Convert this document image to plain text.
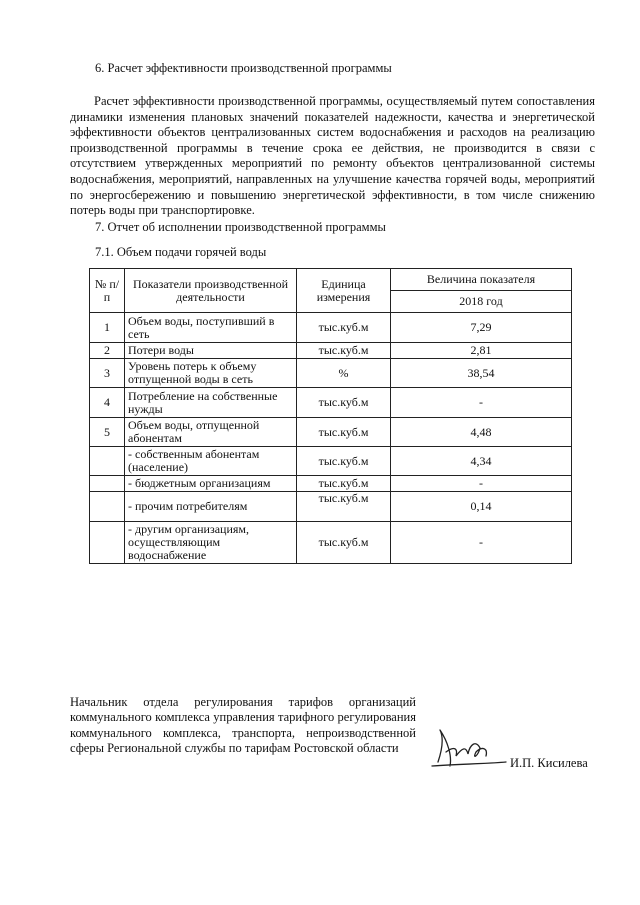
6. Расчет эффективности производственной программы

Расчет эффективности производственной программы, осуществляемый путем сопоставления динамики изменения плановых значений показателей надежности, качества и энергетической эффективности объектов централизованных систем водоснабжения и расходов на реализацию производственной программы в течение срока ее действия, не производится в связи с отсутствием утвержденных мероприятий по ремонту объектов централизованной системы водоснабжения, мероприятий, направленных на улучшение качества горячей воды, мероприятий по энергосбережению и повышению энергетической эффективности, в том числе снижению потерь воды при транспортировке.

7. Отчет об исполнении производственной программы
7.1. Объем подачи горячей воды
№ п/п	Показатели производственной деятельности	Единица измерения	Величина показателя
			2018 год
1	Объем воды, поступивший в сеть	тыс.куб.м	7,29
2	Потери воды	тыс.куб.м	2,81
3	Уровень потерь к объему отпущенной воды в сеть	%	38,54
4	Потребление на собственные нужды	тыс.куб.м	-
5	Объем воды, отпущенной абонентам	тыс.куб.м	4,48
	- собственным абонентам (население)	тыс.куб.м	4,34
	- бюджетным организациям	тыс.куб.м	-
	- прочим потребителям	тыс.куб.м	0,14
	- другим организациям, осуществляющим водоснабжение	тыс.куб.м	-

Начальник отдела регулирования тарифов организаций коммунального комплекса управления тарифного регулирования коммунального комплекса, транспорта, непроизводственной сферы Региональной службы по тарифам Ростовской области

И.П. Кисилева
